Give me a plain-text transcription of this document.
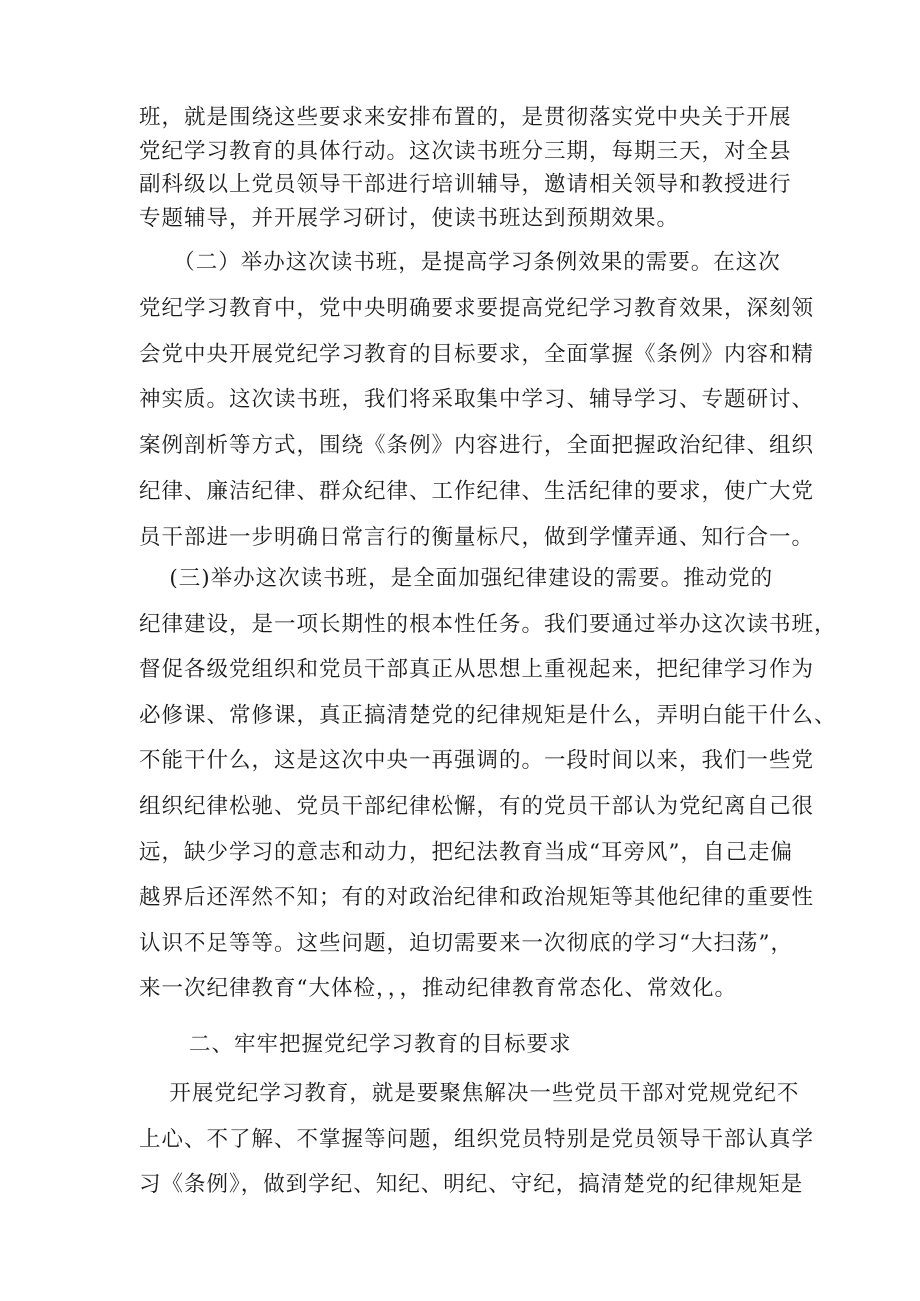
班，就是围绕这些要求来安排布置的，是贯彻落实党中央关于开展
党纪学习教育的具体行动。这次读书班分三期，每期三天，对全县
副科级以上党员领导干部进行培训辅导，邀请相关领导和教授进行
专题辅导，并开展学习研讨，使读书班达到预期效果。
　　（二）举办这次读书班，是提高学习条例效果的需要。在这次
党纪学习教育中，党中央明确要求要提高党纪学习教育效果，深刻领
会党中央开展党纪学习教育的目标要求，全面掌握《条例》内容和精
神实质。这次读书班，我们将采取集中学习、辅导学习、专题研讨、
案例剖析等方式，围绕《条例》内容进行，全面把握政治纪律、组织
纪律、廉洁纪律、群众纪律、工作纪律、生活纪律的要求，使广大党
员干部进一步明确日常言行的衡量标尺，做到学懂弄通、知行合一。
　 (三)举办这次读书班，是全面加强纪律建设的需要。推动党的
纪律建设，是一项长期性的根本性任务。我们要通过举办这次读书班，
督促各级党组织和党员干部真正从思想上重视起来，把纪律学习作为
必修课、常修课，真正搞清楚党的纪律规矩是什么，弄明白能干什么、
不能干什么，这是这次中央一再强调的。一段时间以来，我们一些党
组织纪律松驰、党员干部纪律松懈，有的党员干部认为党纪离自己很
远，缺少学习的意志和动力，把纪法教育当成“耳旁风”，自己走偏
越界后还浑然不知；有的对政治纪律和政治规矩等其他纪律的重要性
认识不足等等。这些问题，迫切需要来一次彻底的学习“大扫荡”，
来一次纪律教育“大体检，，，推动纪律教育常态化、常效化。
二、牢牢把握党纪学习教育的目标要求
　 开展党纪学习教育，就是要聚焦解决一些党员干部对党规党纪不
上心、不了解、不掌握等问题，组织党员特别是党员领导干部认真学
习《条例》，做到学纪、知纪、明纪、守纪，搞清楚党的纪律规矩是
